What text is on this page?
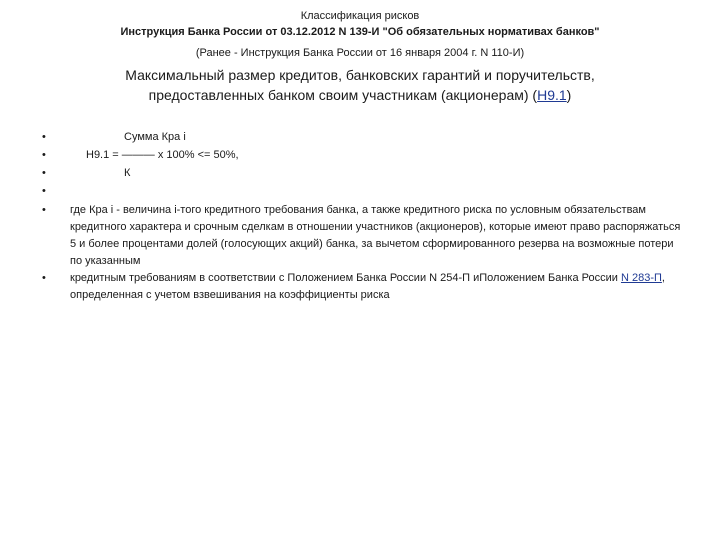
Классификация рисков
Инструкция Банка России от 03.12.2012 N 139-И "Об обязательных нормативах банков"
(Ранее - Инструкция Банка России от 16 января 2004 г. N 110-И)
Максимальный размер кредитов, банковских гарантий и поручительств,
предоставленных банком своим участникам (акционерам) (Н9.1)
•	Сумма Кра i
•	Н9.1 = ——— x 100% <= 50%,
•	К
•

•	где Кра i - величина i-того кредитного требования банка, а также кредитного риска по условным обязательствам кредитного характера и срочным сделкам в отношении участников (акционеров), которые имеют право распоряжаться 5 и более процентами долей (голосующих акций) банка, за вычетом сформированного резерва на возможные потери по указанным
•	кредитным требованиям в соответствии с Положением Банка России N 254-П иПоложением Банка России N 283-П, определенная с учетом взвешивания на коэффициенты риска
